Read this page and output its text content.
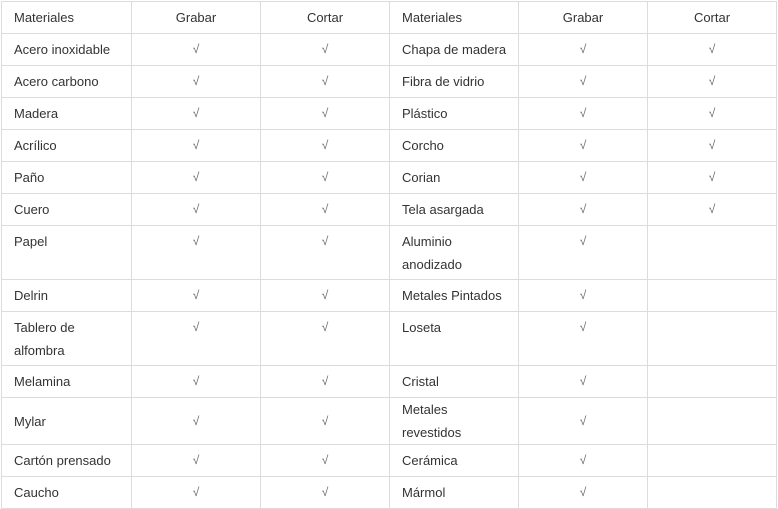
Materiales	Grabar	Cortar	Materiales	Grabar	Cortar
Acero inoxidable	√	√	Chapa de madera	√	√
Acero carbono	√	√	Fibra de vidrio	√	√
Madera	√	√	Plástico	√	√
Acrílico	√	√	Corcho	√	√
Paño	√	√	Corian	√	√
Cuero	√	√	Tela asargada	√	√
Papel	√	√	Aluminio anodizado	√	
Delrin	√	√	Metales Pintados	√	
Tablero de alfombra	√	√	Loseta	√	
Melamina	√	√	Cristal	√	
Mylar	√	√	Metales revestidos	√	
Cartón prensado	√	√	Cerámica	√	
Caucho	√	√	Mármol	√	
